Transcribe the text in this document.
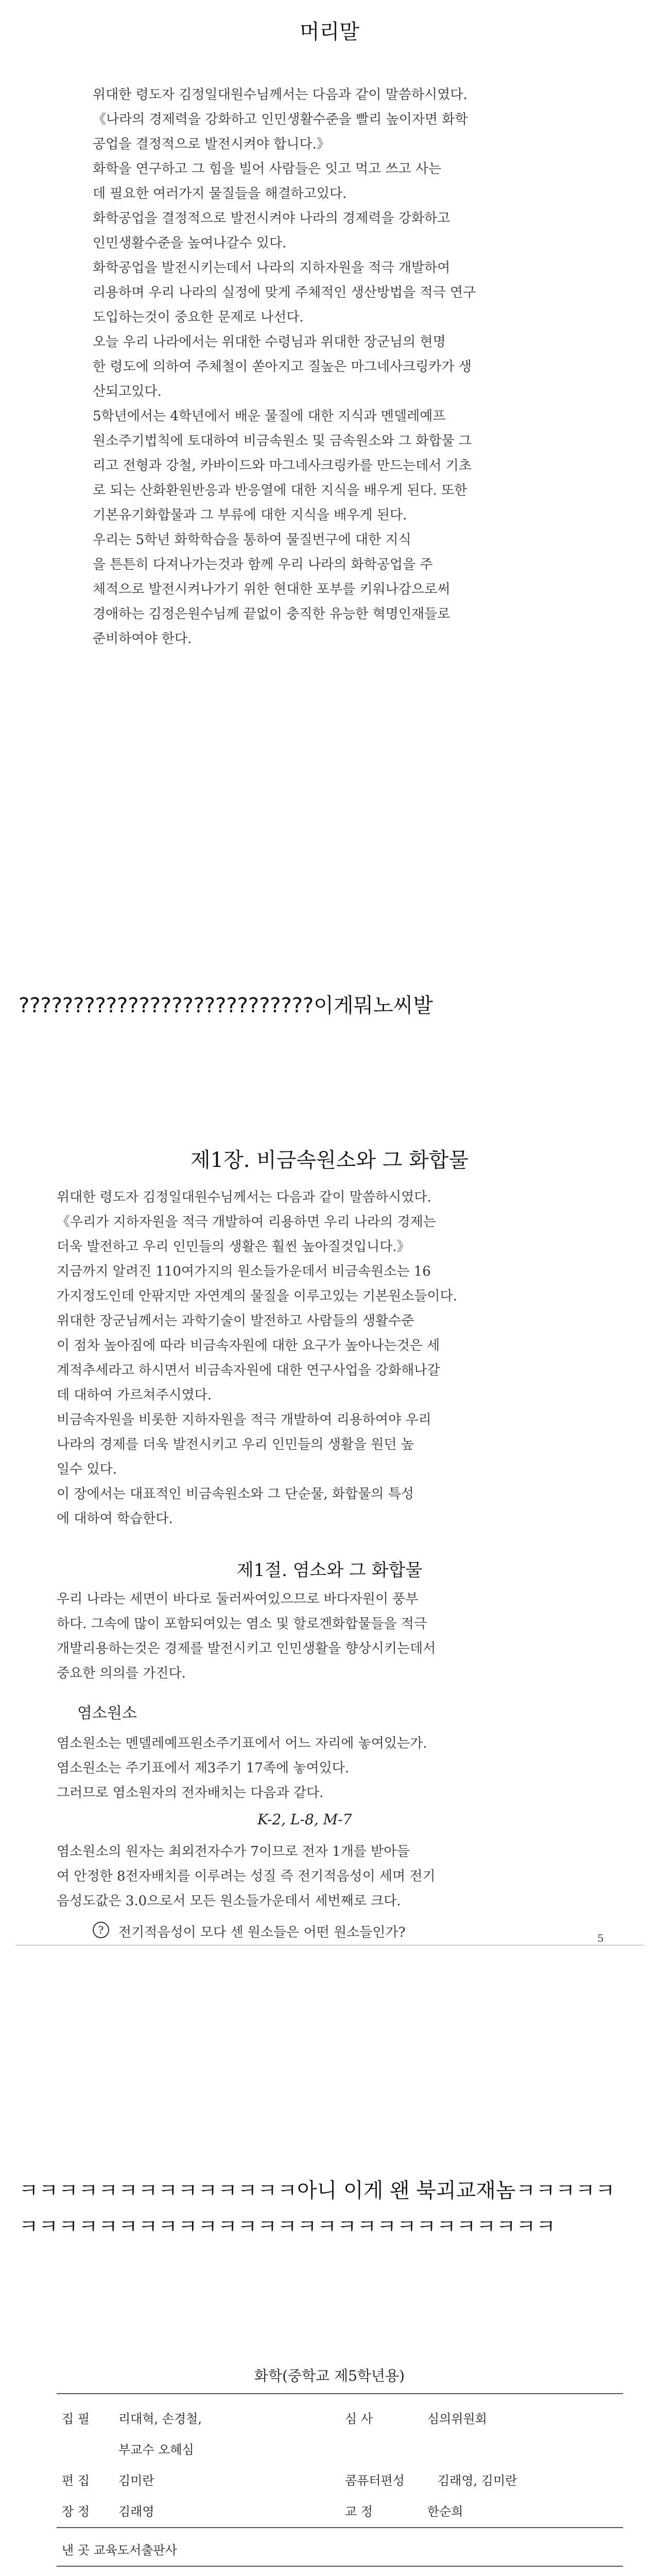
머리말
위대한 령도자 김정일대원수님께서는 다음과 같이 말씀하시였다.
《나라의 경제력을 강화하고 인민생활수준을 빨리 높이자면 화학
공업을 결정적으로 발전시켜야 합니다.》
화학을 연구하고 그 힘을 빌어 사람들은 잇고 먹고 쓰고 사는
데 필요한 여러가지 물질들을 해결하고있다.
화학공업을 결정적으로 발전시켜야 나라의 경제력을 강화하고
인민생활수준을 높여나갈수 있다.
화학공업을 발전시키는데서 나라의 지하자원을 적극 개발하여
리용하며 우리 나라의 실정에 맞게 주체적인 생산방법을 적극 연구
도입하는것이 중요한 문제로 나선다.
오늘 우리 나라에서는 위대한 수령님과 위대한 장군님의 현명
한 령도에 의하여 주체철이 쏟아지고 질높은 마그네사크링카가 생
산되고있다.
5학년에서는 4학년에서 배운 물질에 대한 지식과 멘델레예프
원소주기법칙에 토대하여 비금속원소 및 금속원소와 그 화합물 그
리고 전형과 강철, 카바이드와 마그네사크링카를 만드는데서 기초
로 되는 산화환원반응과 반응열에 대한 지식을 배우게 된다. 또한
기본유기화합물과 그 부류에 대한 지식을 배우게 된다.
우리는 5학년 화학학습을 통하여 물질번구에 대한 지식
을 튼튼히 다져나가는것과 함께 우리 나라의 화학공업을 주
체적으로 발전시켜나가기 위한 현대한 포부를 키워나감으로써
경애하는 김정은원수님께 끝없이 충직한 유능한 혁명인재들로
준비하여야 한다.
???????????????????????????이게뭐노씨발
제1장. 비금속원소와 그 화합물
위대한 령도자 김정일대원수님께서는 다음과 같이 말씀하시였다.
《우리가 지하자원을 적극 개발하여 리용하면 우리 나라의 경제는
더욱 발전하고 우리 인민들의 생활은 훨씬 높아질것입니다.》
지금까지 알려진 110여가지의 원소들가운데서 비금속원소는 16
가지정도인데 안팎지만 자연계의 물질을 이루고있는 기본원소들이다.
위대한 장군님께서는 과학기술이 발전하고 사람들의 생활수준
이 점차 높아짐에 따라 비금속자원에 대한 요구가 높아나는것은 세
계적추세라고 하시면서 비금속자원에 대한 연구사업을 강화해나갈
데 대하여 가르쳐주시였다.
비금속자원을 비롯한 지하자원을 적극 개발하여 리용하여야 우리
나라의 경제를 더욱 발전시키고 우리 인민들의 생활을 원던 높
일수 있다.
이 장에서는 대표적인 비금속원소와 그 단순물, 화합물의 특성
에 대하여 학습한다.
제1절. 염소와 그 화합물
우리 나라는 세면이 바다로 둘러싸여있으므로 바다자원이 풍부
하다. 그속에 많이 포함되여있는 염소 및 할로겐화합물들을 적극
개발리용하는것은 경제를 발전시키고 인민생활을 향상시키는데서
중요한 의의를 가진다.
염소원소
염소원소는 멘델레예프원소주기표에서 어느 자리에 놓여있는가.
염소원소는 주기표에서 제3주기 17족에 놓여있다.
그러므로 염소원자의 전자배치는 다음과 같다.
K-2, L-8, M-7
염소원소의 원자는 최외전자수가 7이므로 전자 1개를 받아들
여 안정한 8전자배치를 이루려는 성질 즉 전기적음성이 세며 전기
음성도값은 3.0으로서 모든 원소들가운데서 세번째로 크다.
?	전기적음성이 모다 센 원소들은 어떤 원소들인가?	5
ㅋㅋㅋㅋㅋㅋㅋㅋㅋㅋㅋㅋㅋㅋ아니 이게 왠 북괴교재놈ㅋㅋㅋㅋㅋ
ㅋㅋㅋㅋㅋㅋㅋㅋㅋㅋㅋㅋㅋㅋㅋㅋㅋㅋㅋㅋㅋㅋㅋㅋㅋㅋㅋ
화학(중학교 제5학년용)
집 필 리대혁, 손경철,	심 사	심의위원회
부교수 오혜심
편 집 김미란	콤퓨터편성	김래영, 김미란
장 정 김래영	교 정	한순희
낸 곳 교육도서출판사
